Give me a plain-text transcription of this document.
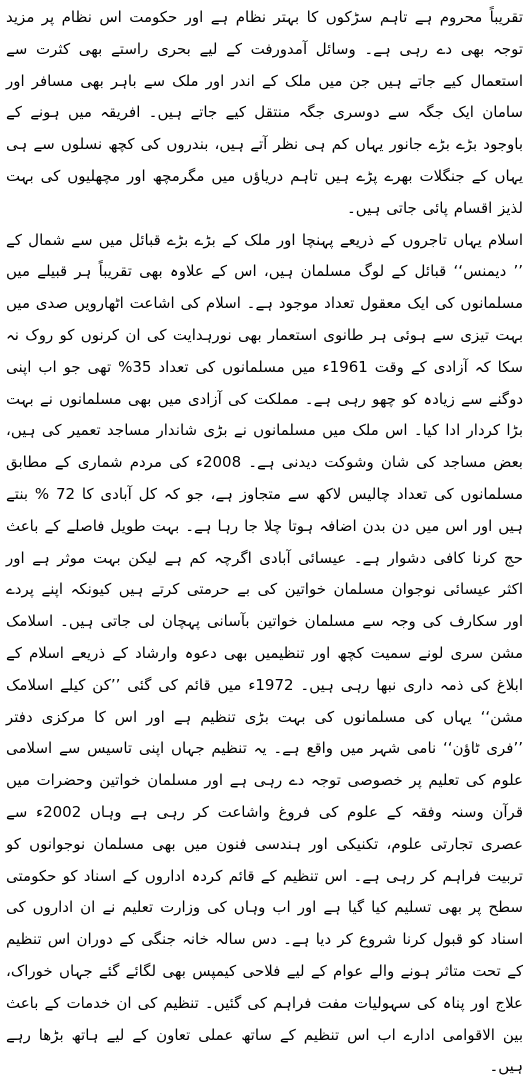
تقریباً محروم ہے تاہم سڑکوں کا بہتر نظام ہے اور حکومت اس نظام پر مزید توجہ بھی دے رہی ہے۔ وسائل آمدورفت کے لیے بحری راستے بھی کثرت سے استعمال کیے جاتے ہیں جن میں ملک کے اندر اور ملک سے باہر بھی مسافر اور سامان ایک جگہ سے دوسری جگہ منتقل کیے جاتے ہیں۔ افریقہ میں ہونے کے باوجود بڑے بڑے جانور یہاں کم ہی نظر آتے ہیں، بندروں کی کچھ نسلوں سے ہی یہاں کے جنگلات بھرے پڑے ہیں تاہم دریاؤں میں مگرمچھ اور مچھلیوں کی بہت لذیز اقسام پائی جاتی ہیں۔

اسلام یہاں تاجروں کے ذریعے پہنچا اور ملک کے بڑے بڑے قبائل میں سے شمال کے ’’ دیمنس‘‘ قبائل کے لوگ مسلمان ہیں، اس کے علاوہ بھی تقریباً ہر قبیلے میں مسلمانوں کی ایک معقول تعداد موجود ہے۔ اسلام کی اشاعت اٹھارویں صدی میں بہت تیزی سے ہوئی ہر طانوی استعمار بھی نورہدایت کی ان کرنوں کو روک نہ سکا کہ آزادی کے وقت 1961ء میں مسلمانوں کی تعداد 35% تھی جو اب اپنی دوگنے سے زیادہ کو چھو رہی ہے۔ مملکت کی آزادی میں بھی مسلمانوں نے بہت بڑا کردار ادا کیا۔ اس ملک میں مسلمانوں نے بڑی شاندار مساجد تعمیر کی ہیں، بعض مساجد کی شان وشوکت دیدنی ہے۔ 2008ء کی مردم شماری کے مطابق مسلمانوں کی تعداد چالیس لاکھ سے متجاوز ہے، جو کہ کل آبادی کا 72 % بنتے ہیں اور اس میں دن بدن اضافہ ہوتا چلا جا رہا ہے۔ بہت طویل فاصلے کے باعث حج کرنا کافی دشوار ہے۔ عیسائی آبادی اگرچہ کم ہے لیکن بہت موثر ہے اور اکثر عیسائی نوجوان مسلمان خواتین کی بے حرمتی کرتے ہیں کیونکہ اپنے پردے اور سکارف کی وجہ سے مسلمان خواتین بآسانی پہچان لی جاتی ہیں۔ اسلامک مشن سری لونے سمیت کچھ اور تنظیمیں بھی دعوہ وارشاد کے ذریعے اسلام کے ابلاغ کی ذمہ داری نبھا رہی ہیں۔ 1972ء میں قائم کی گئی ’’کن کیلے اسلامک مشن‘‘ یہاں کی مسلمانوں کی بہت بڑی تنظیم ہے اور اس کا مرکزی دفتر ’’فری ٹاؤن‘‘ نامی شہر میں واقع ہے۔ یہ تنظیم جہاں اپنی تاسیس سے اسلامی علوم کی تعلیم پر خصوصی توجہ دے رہی ہے اور مسلمان خواتین وحضرات میں قرآن وسنہ وفقہ کے علوم کی فروغ واشاعت کر رہی ہے وہاں 2002ء سے عصری تجارتی علوم، تکنیکی اور ہندسی فنون میں بھی مسلمان نوجوانوں کو تربیت فراہم کر رہی ہے۔ اس تنظیم کے قائم کردہ اداروں کے اسناد کو حکومتی سطح پر بھی تسلیم کیا گیا ہے اور اب وہاں کی وزارت تعلیم نے ان اداروں کی اسناد کو قبول کرنا شروع کر دیا ہے۔ دس سالہ خانہ جنگی کے دوران اس تنظیم کے تحت متاثر ہونے والے عوام کے لیے فلاحی کیمپس بھی لگائے گئے جہاں خوراک، علاج اور پناہ کی سہولیات مفت فراہم کی گئیں۔ تنظیم کی ان خدمات کے باعث بین الاقوامی ادارے اب اس تنظیم کے ساتھ عملی تعاون کے لیے ہاتھ بڑھا رہے ہیں۔
